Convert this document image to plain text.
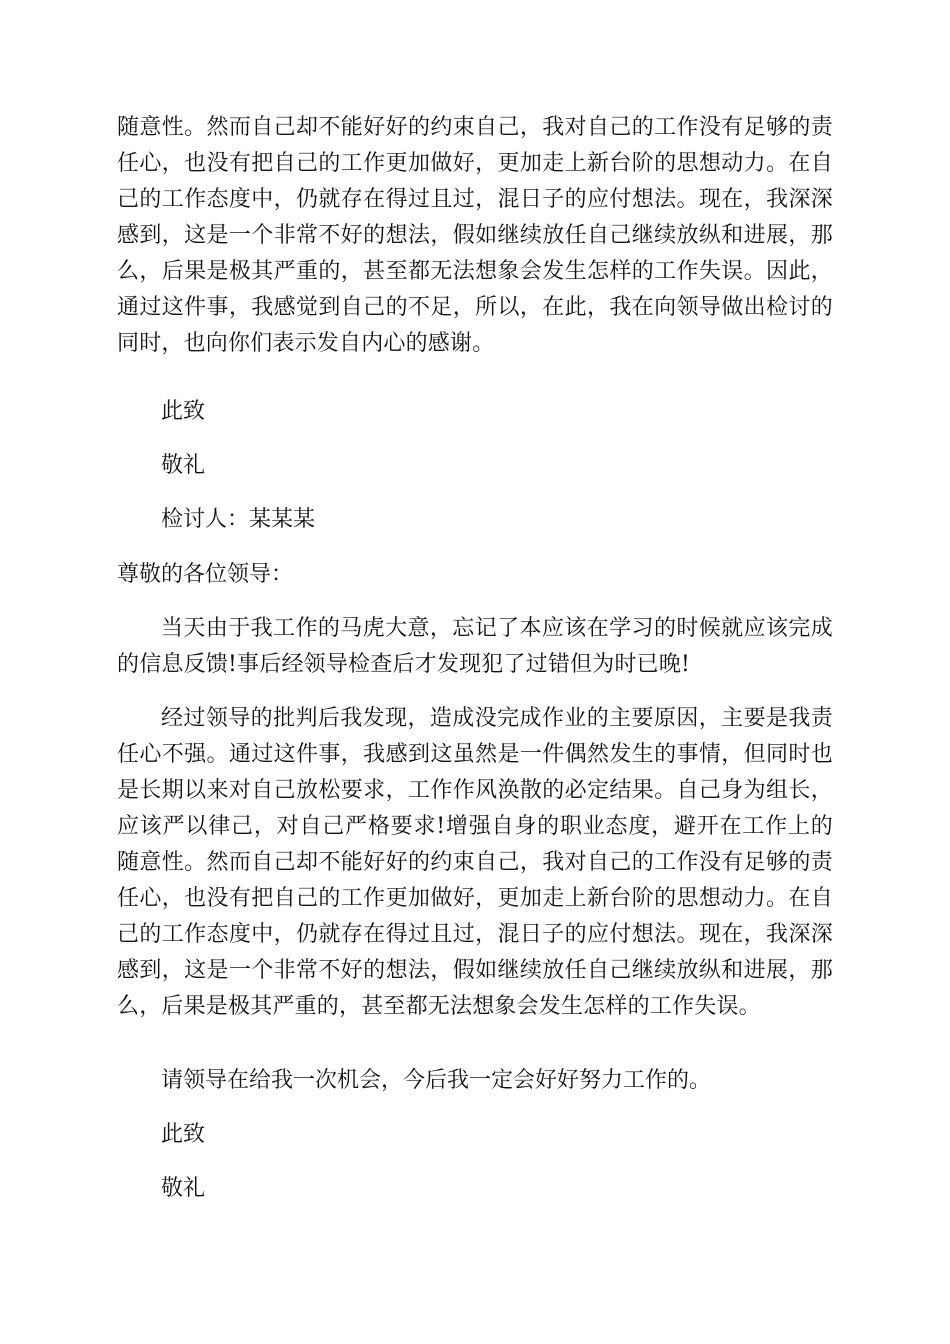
随意性。然而自己却不能好好的约束自己，我对自己的工作没有足够的责任心，也没有把自己的工作更加做好，更加走上新台阶的思想动力。在自己的工作态度中，仍就存在得过且过，混日子的应付想法。现在，我深深感到，这是一个非常不好的想法，假如继续放任自己继续放纵和进展，那么，后果是极其严重的，甚至都无法想象会发生怎样的工作失误。因此，通过这件事，我感觉到自己的不足，所以，在此，我在向领导做出检讨的同时，也向你们表示发自内心的感谢。

此致

敬礼

检讨人：某某某

尊敬的各位领导：

当天由于我工作的马虎大意，忘记了本应该在学习的时候就应该完成的信息反馈!事后经领导检查后才发现犯了过错但为时已晚!

经过领导的批判后我发现，造成没完成作业的主要原因，主要是我责任心不强。通过这件事，我感到这虽然是一件偶然发生的事情，但同时也是长期以来对自己放松要求，工作作风涣散的必定结果。自己身为组长，应该严以律己，对自己严格要求!增强自身的职业态度，避开在工作上的随意性。然而自己却不能好好的约束自己，我对自己的工作没有足够的责任心，也没有把自己的工作更加做好，更加走上新台阶的思想动力。在自己的工作态度中，仍就存在得过且过，混日子的应付想法。现在，我深深感到，这是一个非常不好的想法，假如继续放任自己继续放纵和进展，那么，后果是极其严重的，甚至都无法想象会发生怎样的工作失误。

请领导在给我一次机会，今后我一定会好好努力工作的。

此致

敬礼
